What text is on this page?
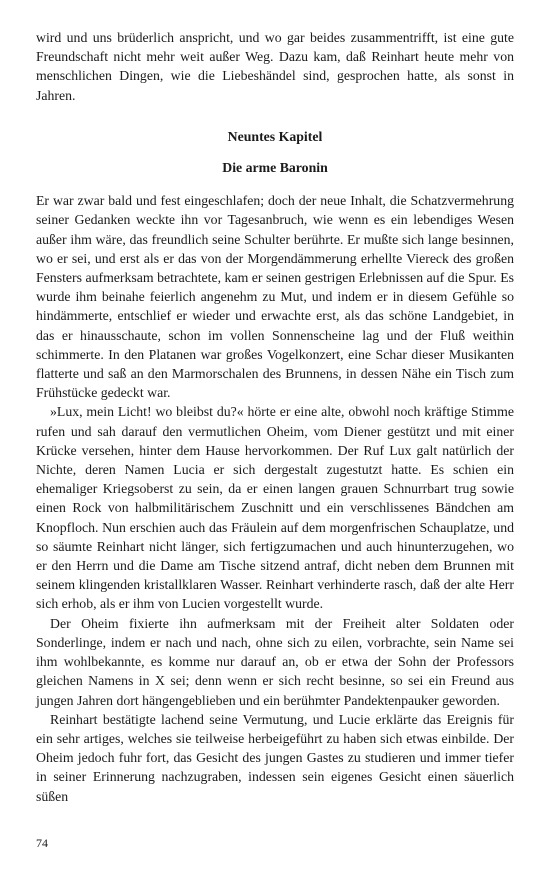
wird und uns brüderlich anspricht, und wo gar beides zusammentrifft, ist eine gute Freundschaft nicht mehr weit außer Weg. Dazu kam, daß Reinhart heute mehr von menschlichen Dingen, wie die Liebeshändel sind, gesprochen hatte, als sonst in Jahren.

Neuntes Kapitel
Die arme Baronin

Er war zwar bald und fest eingeschlafen; doch der neue Inhalt, die Schatzvermehrung seiner Gedanken weckte ihn vor Tagesanbruch, wie wenn es ein lebendiges Wesen außer ihm wäre, das freundlich seine Schulter berührte. Er mußte sich lange besinnen, wo er sei, und erst als er das von der Morgendämmerung erhellte Viereck des großen Fensters aufmerksam betrachtete, kam er seinen gestrigen Erlebnissen auf die Spur. Es wurde ihm beinahe feierlich angenehm zu Mut, und indem er in diesem Gefühle so hindämmerte, entschlief er wieder und erwachte erst, als das schöne Landgebiet, in das er hinausschaute, schon im vollen Sonnenscheine lag und der Fluß weithin schimmerte. In den Platanen war großes Vogelkonzert, eine Schar dieser Musikanten flatterte und saß an den Marmorschalen des Brunnens, in dessen Nähe ein Tisch zum Frühstücke gedeckt war.

»Lux, mein Licht! wo bleibst du?« hörte er eine alte, obwohl noch kräftige Stimme rufen und sah darauf den vermutlichen Oheim, vom Diener gestützt und mit einer Krücke versehen, hinter dem Hause hervorkommen. Der Ruf Lux galt natürlich der Nichte, deren Namen Lucia er sich dergestalt zugestutzt hatte. Es schien ein ehemaliger Kriegsoberst zu sein, da er einen langen grauen Schnurrbart trug sowie einen Rock von halbmilitärischem Zuschnitt und ein verschlissenes Bändchen am Knopfloch. Nun erschien auch das Fräulein auf dem morgenfrischen Schauplatze, und so säumte Reinhart nicht länger, sich fertigzumachen und auch hinunterzugehen, wo er den Herrn und die Dame am Tische sitzend antraf, dicht neben dem Brunnen mit seinem klingenden kristallklaren Wasser. Reinhart verhinderte rasch, daß der alte Herr sich erhob, als er ihm von Lucien vorgestellt wurde.

Der Oheim fixierte ihn aufmerksam mit der Freiheit alter Soldaten oder Sonderlinge, indem er nach und nach, ohne sich zu eilen, vorbrachte, sein Name sei ihm wohlbekannte, es komme nur darauf an, ob er etwa der Sohn der Professors gleichen Namens in X sei; denn wenn er sich recht besinne, so sei ein Freund aus jungen Jahren dort hängengeblieben und ein berühmter Pandektenpauker geworden.

Reinhart bestätigte lachend seine Vermutung, und Lucie erklärte das Ereignis für ein sehr artiges, welches sie teilweise herbeigeführt zu haben sich etwas einbilde. Der Oheim jedoch fuhr fort, das Gesicht des jungen Gastes zu studieren und immer tiefer in seiner Erinnerung nachzugraben, indessen sein eigenes Gesicht einen säuerlich süßen

74
